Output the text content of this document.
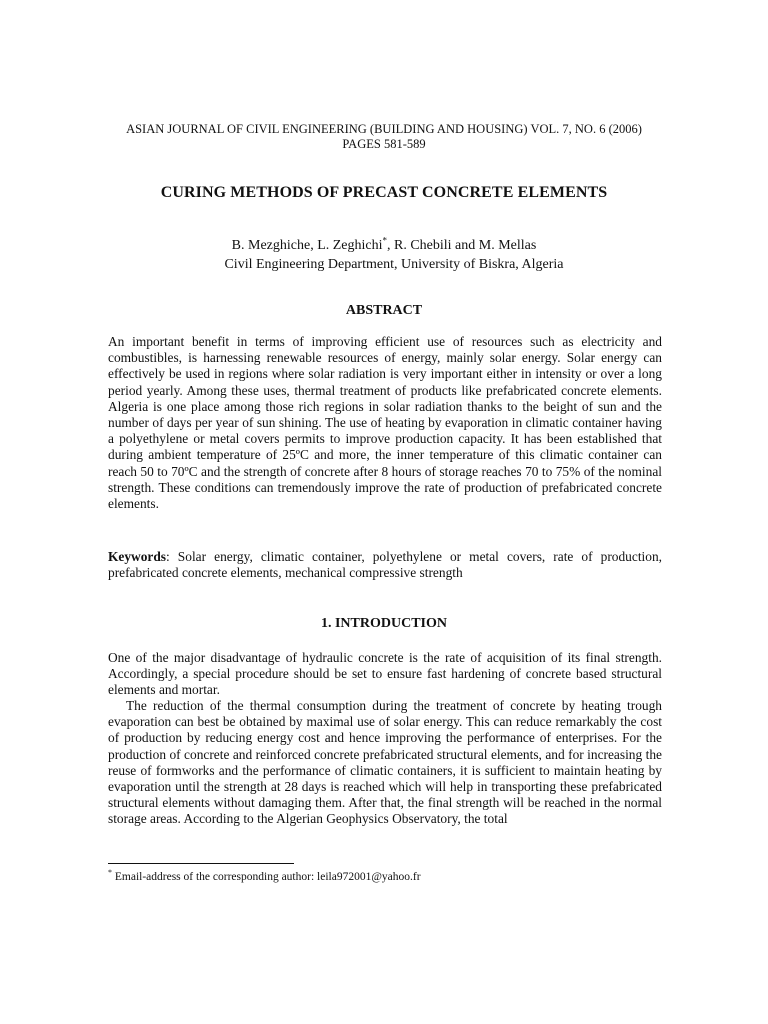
ASIAN JOURNAL OF CIVIL ENGINEERING (BUILDING AND HOUSING) VOL. 7, NO. 6 (2006)
PAGES 581-589
CURING METHODS OF PRECAST CONCRETE ELEMENTS
B. Mezghiche, L. Zeghichi*, R. Chebili and M. Mellas
Civil Engineering Department, University of Biskra, Algeria
ABSTRACT
An important benefit in terms of improving efficient use of resources such as electricity and combustibles, is harnessing renewable resources of energy, mainly solar energy. Solar energy can effectively be used in regions where solar radiation is very important either in intensity or over a long period yearly. Among these uses, thermal treatment of products like prefabricated concrete elements. Algeria is one place among those rich regions in solar radiation thanks to the beight of sun and the number of days per year of sun shining. The use of heating by evaporation in climatic container having a polyethylene or metal covers permits to improve production capacity. It has been established that during ambient temperature of 25ºC and more, the inner temperature of this climatic container can reach 50 to 70ºC and the strength of concrete after 8 hours of storage reaches 70 to 75% of the nominal strength. These conditions can tremendously improve the rate of production of prefabricated concrete elements.
Keywords: Solar energy, climatic container, polyethylene or metal covers, rate of production, prefabricated concrete elements, mechanical compressive strength
1. INTRODUCTION
One of the major disadvantage of hydraulic concrete is the rate of acquisition of its final strength. Accordingly, a special procedure should be set to ensure fast hardening of concrete based structural elements and mortar.
The reduction of the thermal consumption during the treatment of concrete by heating trough evaporation can best be obtained by maximal use of solar energy. This can reduce remarkably the cost of production by reducing energy cost and hence improving the performance of enterprises. For the production of concrete and reinforced concrete prefabricated structural elements, and for increasing the reuse of formworks and the performance of climatic containers, it is sufficient to maintain heating by evaporation until the strength at 28 days is reached which will help in transporting these prefabricated structural elements without damaging them. After that, the final strength will be reached in the normal storage areas. According to the Algerian Geophysics Observatory, the total
* Email-address of the corresponding author: leila972001@yahoo.fr
